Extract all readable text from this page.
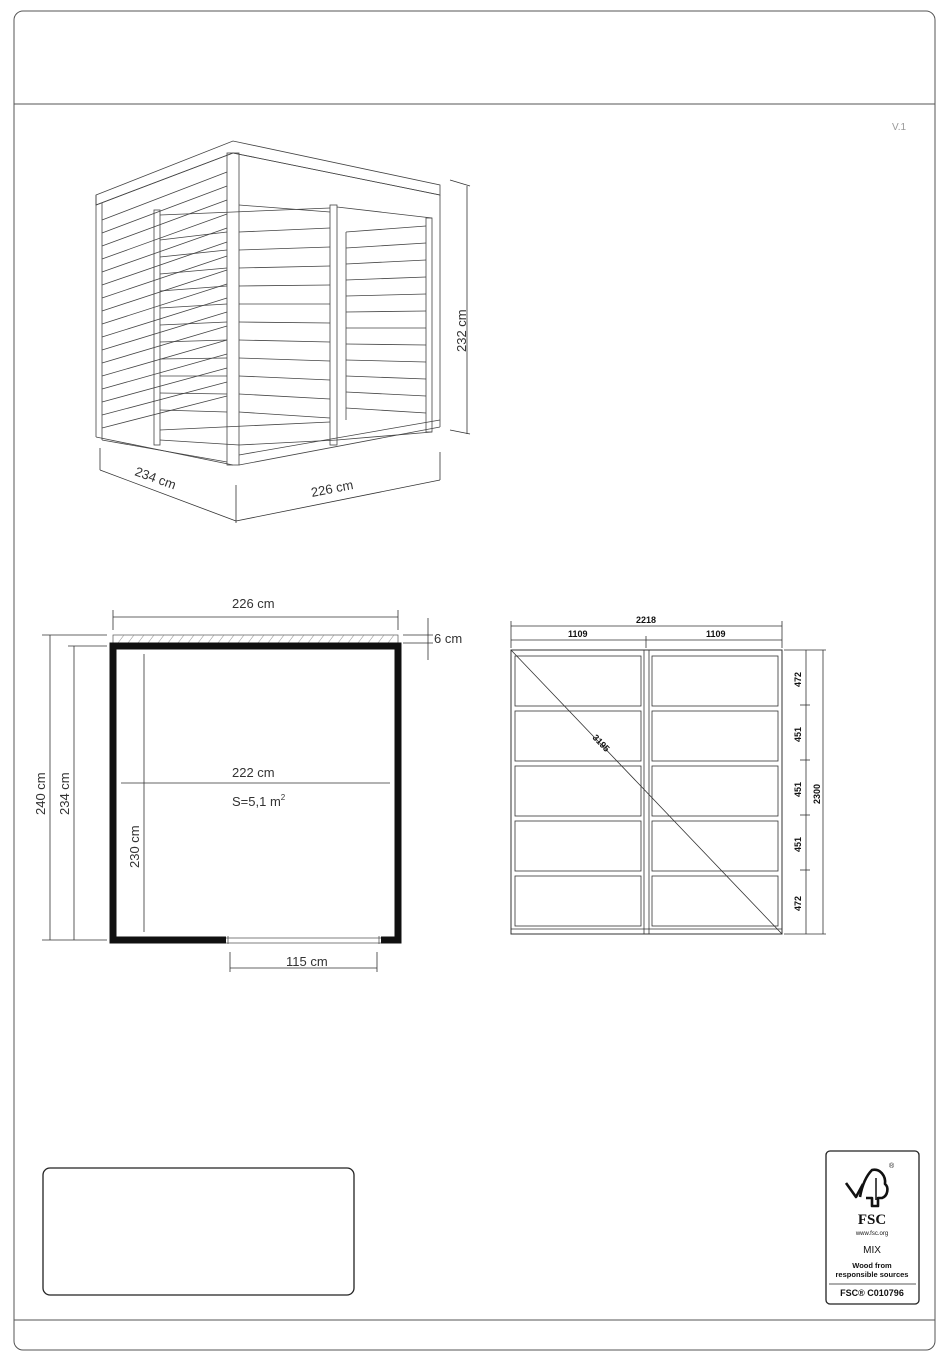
V.1
232 cm
234 cm	226 cm
226 cm
6 cm
240 cm 234 cm	222 cm
230 cm
S=5,1 $m^2$
115 cm
2218
1109	1109
3195
472
451
451
451
472
2300
®
FSC
www.fsc.org
MIX
Wood from
responsible sources
FSC® C010796
